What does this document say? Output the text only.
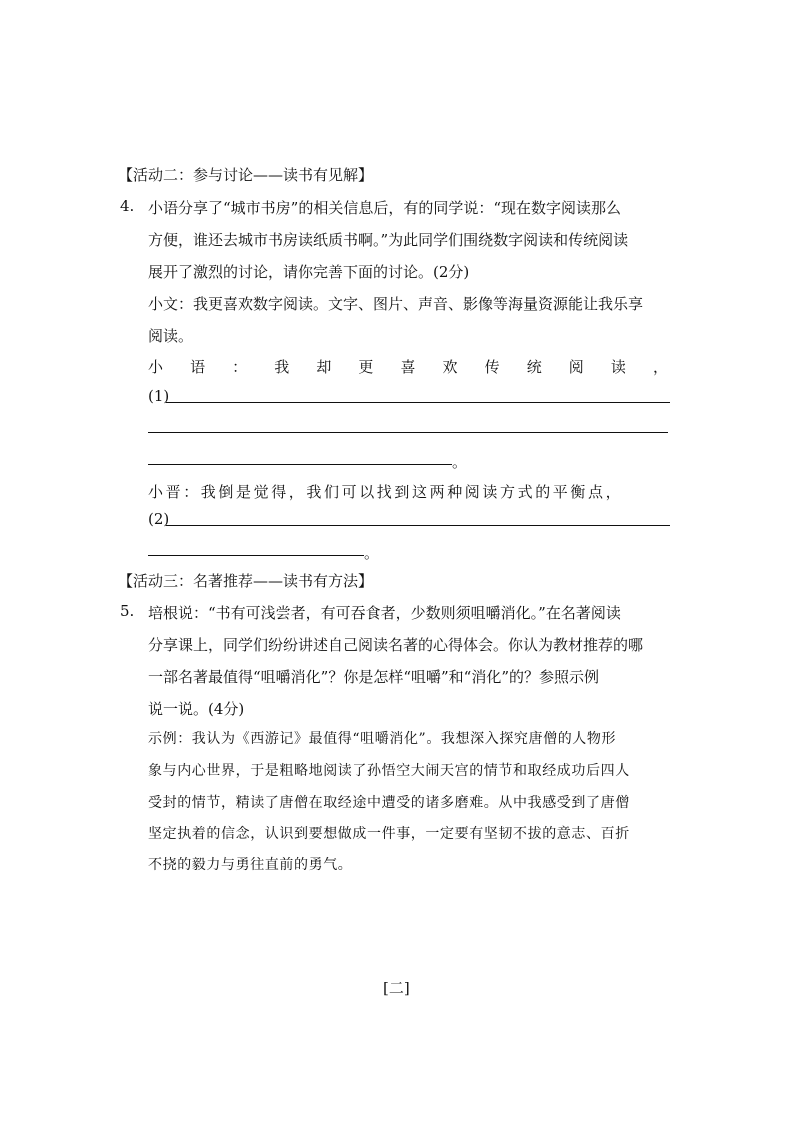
【活动二：参与讨论——读书有见解】
4. 小语分享了“城市书房”的相关信息后，有的同学说：“现在数字阅读那么
方便，谁还去城市书房读纸质书啊。”为此同学们围绕数字阅读和传统阅读
展开了激烈的讨论，请你完善下面的讨论。(2分)
小文：我更喜欢数字阅读。文字、图片、声音、影像等海量资源能让我乐享
阅读。
小 语 ： 我 却 更 喜 欢 传 统 阅 读 ，
(1)
。
小晋：我倒是觉得，我们可以找到这两种阅读方式的平衡点，
(2)
。
【活动三：名著推荐——读书有方法】
5. 培根说：“书有可浅尝者，有可吞食者，少数则须咀嚼消化。”在名著阅读
分享课上，同学们纷纷讲述自己阅读名著的心得体会。你认为教材推荐的哪
一部名著最值得“咀嚼消化”？你是怎样“咀嚼”和“消化”的？参照示例
说一说。(4分)
示例：我认为《西游记》最值得“咀嚼消化”。我想深入探究唐僧的人物形
象与内心世界，于是粗略地阅读了孙悟空大闹天宫的情节和取经成功后四人
受封的情节，精读了唐僧在取经途中遭受的诸多磨难。从中我感受到了唐僧
坚定执着的信念，认识到要想做成一件事，一定要有坚韧不拔的意志、百折
不挠的毅力与勇往直前的勇气。
[二]
